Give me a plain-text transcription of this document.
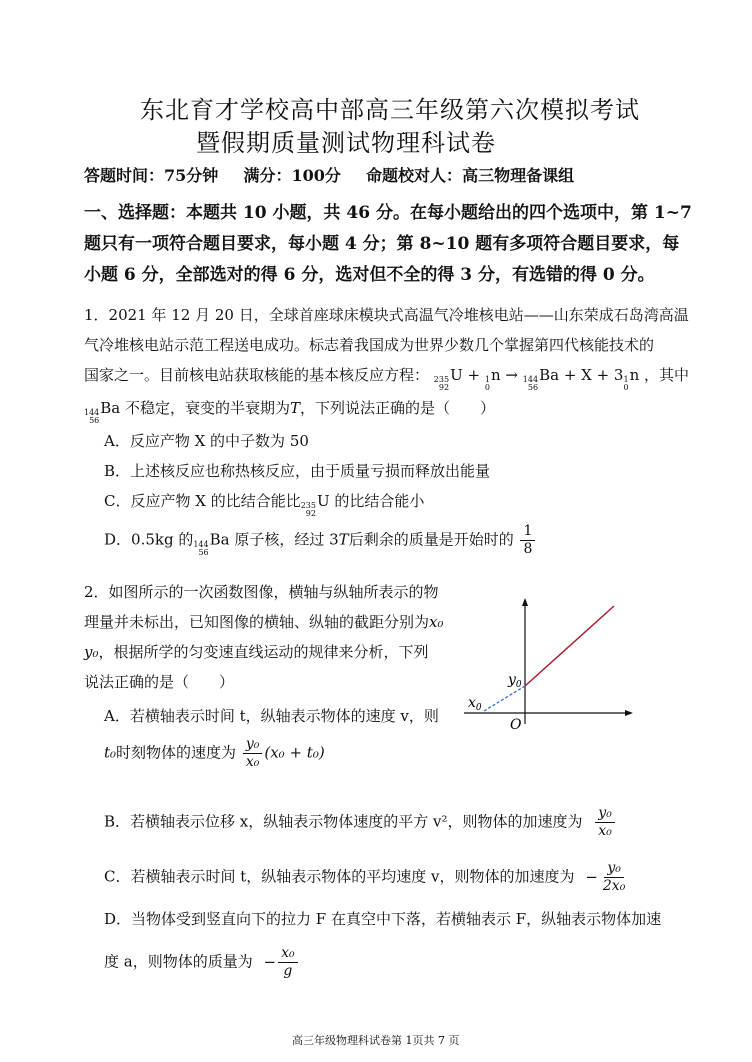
东北育才学校高中部高三年级第六次模拟考试
暨假期质量测试物理科试卷
答题时间：75分钟 满分：100分 命题校对人：高三物理备课组
一、选择题：本题共 10 小题，共 46 分。在每小题给出的四个选项中，第 1~7
题只有一项符合题目要求，每小题 4 分；第 8~10 题有多项符合题目要求，每
小题 6 分，全部选对的得 6 分，选对但不全的得 3 分，有选错的得 0 分。
1．2021 年 12 月 20 日，全球首座球床模块式高温气冷堆核电站——山东荣成石岛湾高温
气冷堆核电站示范工程送电成功。标志着我国成为世界少数几个掌握第四代核能技术的
国家之一。目前核电站获取核能的基本核反应方程： 235
92
U + 1
0
n → 144
56
Ba + X + 3 1
0
n ，其中
144
56
Ba 不稳定，衰变的半衰期为T，下列说法正确的是（　　）
A．反应产物 X 的中子数为 50
B．上述核反应也称热核反应，由于质量亏损而释放出能量
C．反应产物 X 的比结合能比 235
92
U 的比结合能小
D．0.5kg 的 144
56
Ba 原子核，经过 3T后剩余的质量是开始时的 $\frac{1}{8}$
2．如图所示的一次函数图像，横轴与纵轴所表示的物
理量并未标出，已知图像的横轴、纵轴的截距分别为x₀
y₀，根据所学的匀变速直线运动的规律来分析，下列
说法正确的是（　　）
A．若横轴表示时间 t，纵轴表示物体的速度 v，则
t₀时刻物体的速度为 $\frac{\text{y₀}}{\text{x₀}} (x_0 + t_0)$
B．若横轴表示位移 x，纵轴表示物体速度的平方 v²，则物体的加速度为 $\frac{\text{y₀}}{\text{x₀}}$
C．若横轴表示时间 t，纵轴表示物体的平均速度 v，则物体的加速度为 − $\frac{\text{y₀}}{\text{2x₀}}$
D．当物体受到竖直向下的拉力 F 在真空中下落，若横轴表示 F，纵轴表示物体加速
度 a，则物体的质量为 − $\frac{\text{x₀}}{g}$
$y_0$
$x_0$
O
高三年级物理科试卷第 1页共 7 页
